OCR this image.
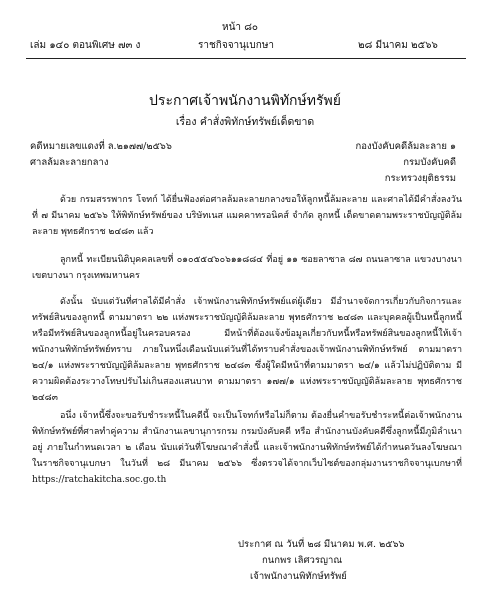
หน้า ๘๐
เล่ม ๑๔๐ ตอนพิเศษ ๗๓ ง	ราชกิจจานุเบกษา	๒๘ มีนาคม ๒๕๖๖
ประกาศเจ้าพนักงานพิทักษ์ทรัพย์
เรื่อง คำสั่งพิทักษ์ทรัพย์เด็ดขาด
คดีหมายเลขแดงที่ ล.๒๑๗๗/๒๕๖๖
ศาลล้มละลายกลาง
กองบังคับคดีล้มละลาย ๑
กรมบังคับคดี
กระทรวงยุติธรรม

ด้วย กรมสรรพากร โจทก์ ได้ยื่นฟ้องต่อศาลล้มละลายกลางขอให้ลูกหนี้ล้มละลาย และศาลได้มีคำสั่งลงวันที่ ๗ มีนาคม ๒๕๖๖ ให้พิทักษ์ทรัพย์ของ บริษัทเนส แมคคาทรอนิคส์ จำกัด ลูกหนี้ เด็ดขาดตามพระราชบัญญัติล้มละลาย พุทธศักราช ๒๔๘๓ แล้ว

ลูกหนี้ ทะเบียนนิติบุคคลเลขที่ ๐๑๐๕๕๔๖๐๖๑๑๘๘๔ ที่อยู่ ๑๑ ซอยลาซาล ๘๗ ถนนลาซาล แขวงบางนา เขตบางนา กรุงเทพมหานคร

ดังนั้น นับแต่วันที่ศาลได้มีคำสั่ง เจ้าพนักงานพิทักษ์ทรัพย์แต่ผู้เดียว มีอำนาจจัดการเกี่ยวกับกิจการและทรัพย์สินของลูกหนี้ ตามมาตรา ๒๒ แห่งพระราชบัญญัติล้มละลาย พุทธศักราช ๒๔๘๓ และบุคคลผู้เป็นหนี้ลูกหนี้หรือมีทรัพย์สินของลูกหนี้อยู่ในครอบครอง มีหน้าที่ต้องแจ้งข้อมูลเกี่ยวกับหนี้หรือทรัพย์สินของลูกหนี้ให้เจ้าพนักงานพิทักษ์ทรัพย์ทราบ ภายในหนึ่งเดือนนับแต่วันที่ได้ทราบคำสั่งของเจ้าพนักงานพิทักษ์ทรัพย์ ตามมาตรา ๒๔/๑ แห่งพระราชบัญญัติล้มละลาย พุทธศักราช ๒๔๘๓ ซึ่งผู้ใดมีหน้าที่ตามมาตรา ๒๔/๑ แล้วไม่ปฏิบัติตาม มีความผิดต้องระวางโทษปรับไม่เกินสองแสนบาท ตามมาตรา ๑๗๗/๑ แห่งพระราชบัญญัติล้มละลาย พุทธศักราช ๒๔๘๓

อนึ่ง เจ้าหนี้ซึ่งจะขอรับชำระหนี้ในคดีนี้ จะเป็นโจทก์หรือไม่ก็ตาม ต้องยื่นคำขอรับชำระหนี้ต่อเจ้าพนักงานพิทักษ์ทรัพย์ที่ศาลทำคู่ความ สำนักงานเลขานุการกรม กรมบังคับคดี หรือ สำนักงานบังคับคดีซึ่งลูกหนี้มีภูมิลำเนาอยู่ ภายในกำหนดเวลา ๒ เดือน นับแต่วันที่โฆษณาคำสั่งนี้ และเจ้าพนักงานพิทักษ์ทรัพย์ได้กำหนดวันลงโฆษณาในราชกิจจานุเบกษา ในวันที่ ๒๘ มีนาคม ๒๕๖๖ ซึ่งตรวจได้จากเว็บไซต์ของกลุ่มงานราชกิจจานุเบกษาที่ https://ratchakitcha.soc.go.th

ประกาศ ณ วันที่ ๒๘ มีนาคม พ.ศ. ๒๕๖๖
กนกพร เลิศวรญาณ
เจ้าพนักงานพิทักษ์ทรัพย์
